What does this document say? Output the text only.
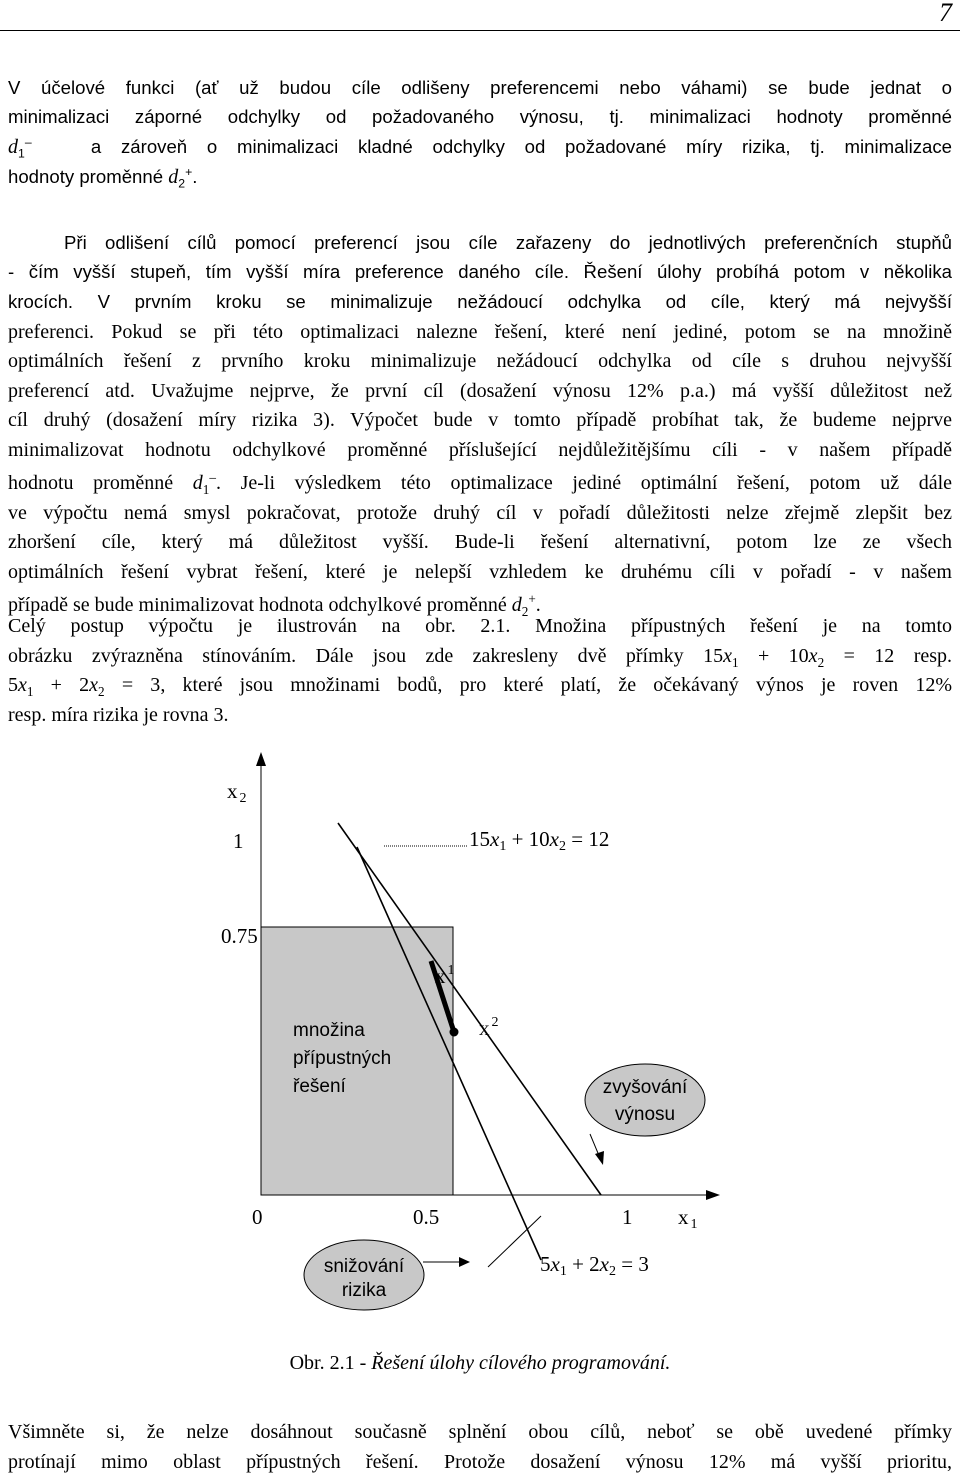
7
V účelové funkci (ať už budou cíle odlišeny preferencemi nebo váhami) se bude jednat o
minimalizaci záporné odchylky od požadovaného výnosu, tj. minimalizaci hodnoty proměnné
$d_1^-$	a zároveň o minimalizaci kladné odchylky od požadované míry rizika, tj. minimalizace
hodnoty proměnné $d_2^+$.
Při odlišení cílů pomocí preferencí jsou cíle zařazeny do jednotlivých preferenčních stupňů
- čím vyšší stupeň, tím vyšší míra preference daného cíle. Řešení úlohy probíhá potom v několika
krocích. V prvním kroku se minimalizuje nežádoucí odchylka od cíle, který má nejvyšší
preferenci. Pokud se při této optimalizaci nalezne řešení, které není jediné, potom se na množině
optimálních řešení z prvního kroku minimalizuje nežádoucí odchylka od cíle s druhou nejvyšší
preferencí atd. Uvažujme nejprve, že první cíl (dosažení výnosu 12% p.a.) má vyšší důležitost než
cíl druhý (dosažení míry rizika 3). Výpočet bude v tomto případě probíhat tak, že budeme nejprve
minimalizovat hodnotu odchylkové proměnné příslušející nejdůležitějšímu cíli - v našem případě
hodnotu proměnné $d_1^-$. Je-li výsledkem této optimalizace jediné optimální řešení, potom už dále
ve výpočtu nemá smysl pokračovat, protože druhý cíl v pořadí důležitosti nelze zřejmě zlepšit bez
zhoršení cíle, který má důležitost vyšší. Bude-li řešení alternativní, potom lze ze všech
optimálních řešení vybrat řešení, které je nelepší vzhledem ke druhému cíli v pořadí - v našem
případě se bude minimalizovat hodnota odchylkové proměnné $d_2^+$.
Celý postup výpočtu je ilustrován na obr. 2.1. Množina přípustných řešení je na tomto
obrázku zvýrazněna stínováním. Dále jsou zde zakresleny dvě přímky $15x_1 + 10x_2 = 12$ resp.
$5x_1 + 2x_2 = 3$, které jsou množinami bodů, pro které platí, že očekávaný výnos je roven 12%
resp. míra rizika je rovna 3.
x 2
1
0.75
0	0.5	1 x 1
15x1 + 10x2 = 12
5x1 + 2x2 = 3
x $^1$
x $^2$
množina
přípustných
řešení	zvyšování
výnosu
snižování
rizika
Obr. 2.1 - Řešení úlohy cílového programování.
Všimněte si, že nelze dosáhnout současně splnění obou cílů, neboť se obě uvedené přímky
protínají mimo oblast přípustných řešení. Protože dosažení výnosu 12% má vyšší prioritu,
